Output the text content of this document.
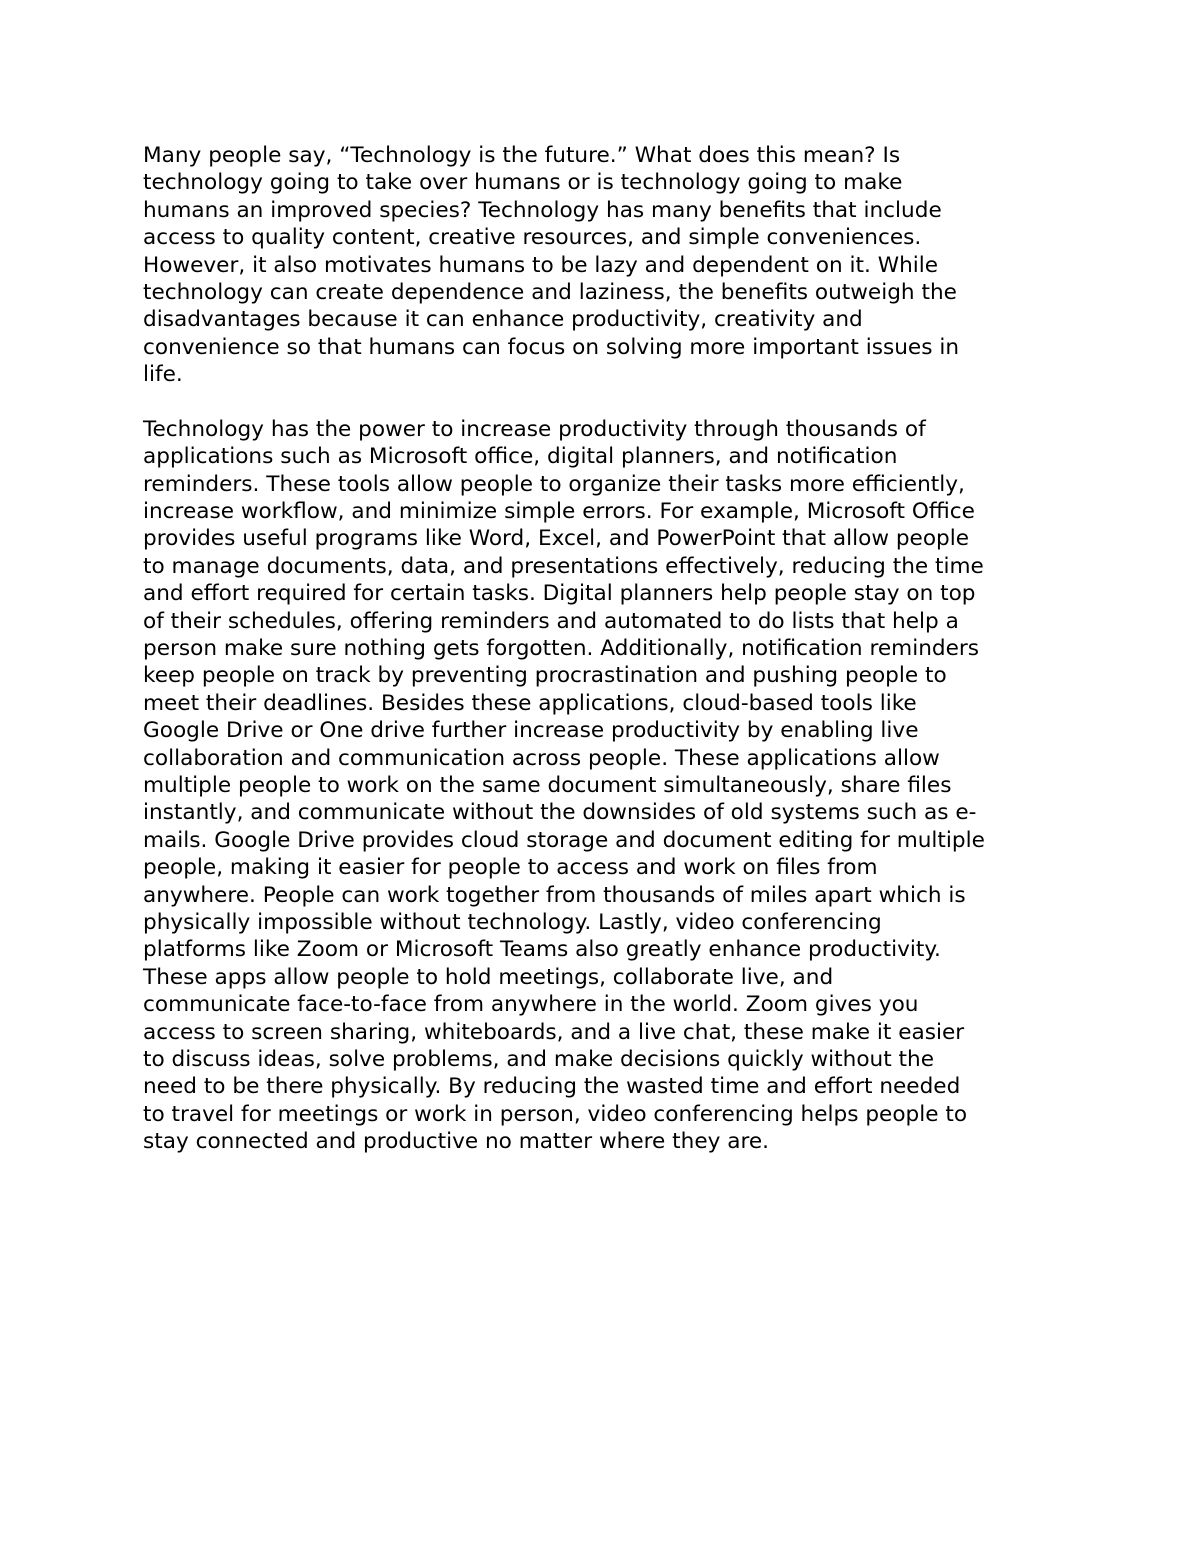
Many people say, “Technology is the future.” What does this mean? Is
technology going to take over humans or is technology going to make
humans an improved species? Technology has many benefits that include
access to quality content, creative resources, and simple conveniences.
However, it also motivates humans to be lazy and dependent on it. While
technology can create dependence and laziness, the benefits outweigh the
disadvantages because it can enhance productivity, creativity and
convenience so that humans can focus on solving more important issues in
life.
Technology has the power to increase productivity through thousands of
applications such as Microsoft office, digital planners, and notification
reminders. These tools allow people to organize their tasks more efficiently,
increase workflow, and minimize simple errors. For example, Microsoft Office
provides useful programs like Word, Excel, and PowerPoint that allow people
to manage documents, data, and presentations effectively, reducing the time
and effort required for certain tasks. Digital planners help people stay on top
of their schedules, offering reminders and automated to do lists that help a
person make sure nothing gets forgotten. Additionally, notification reminders
keep people on track by preventing procrastination and pushing people to
meet their deadlines. Besides these applications, cloud-based tools like
Google Drive or One drive further increase productivity by enabling live
collaboration and communication across people. These applications allow
multiple people to work on the same document simultaneously, share files
instantly, and communicate without the downsides of old systems such as e-
mails. Google Drive provides cloud storage and document editing for multiple
people, making it easier for people to access and work on files from
anywhere. People can work together from thousands of miles apart which is
physically impossible without technology. Lastly, video conferencing
platforms like Zoom or Microsoft Teams also greatly enhance productivity.
These apps allow people to hold meetings, collaborate live, and
communicate face-to-face from anywhere in the world. Zoom gives you
access to screen sharing, whiteboards, and a live chat, these make it easier
to discuss ideas, solve problems, and make decisions quickly without the
need to be there physically. By reducing the wasted time and effort needed
to travel for meetings or work in person, video conferencing helps people to
stay connected and productive no matter where they are.
